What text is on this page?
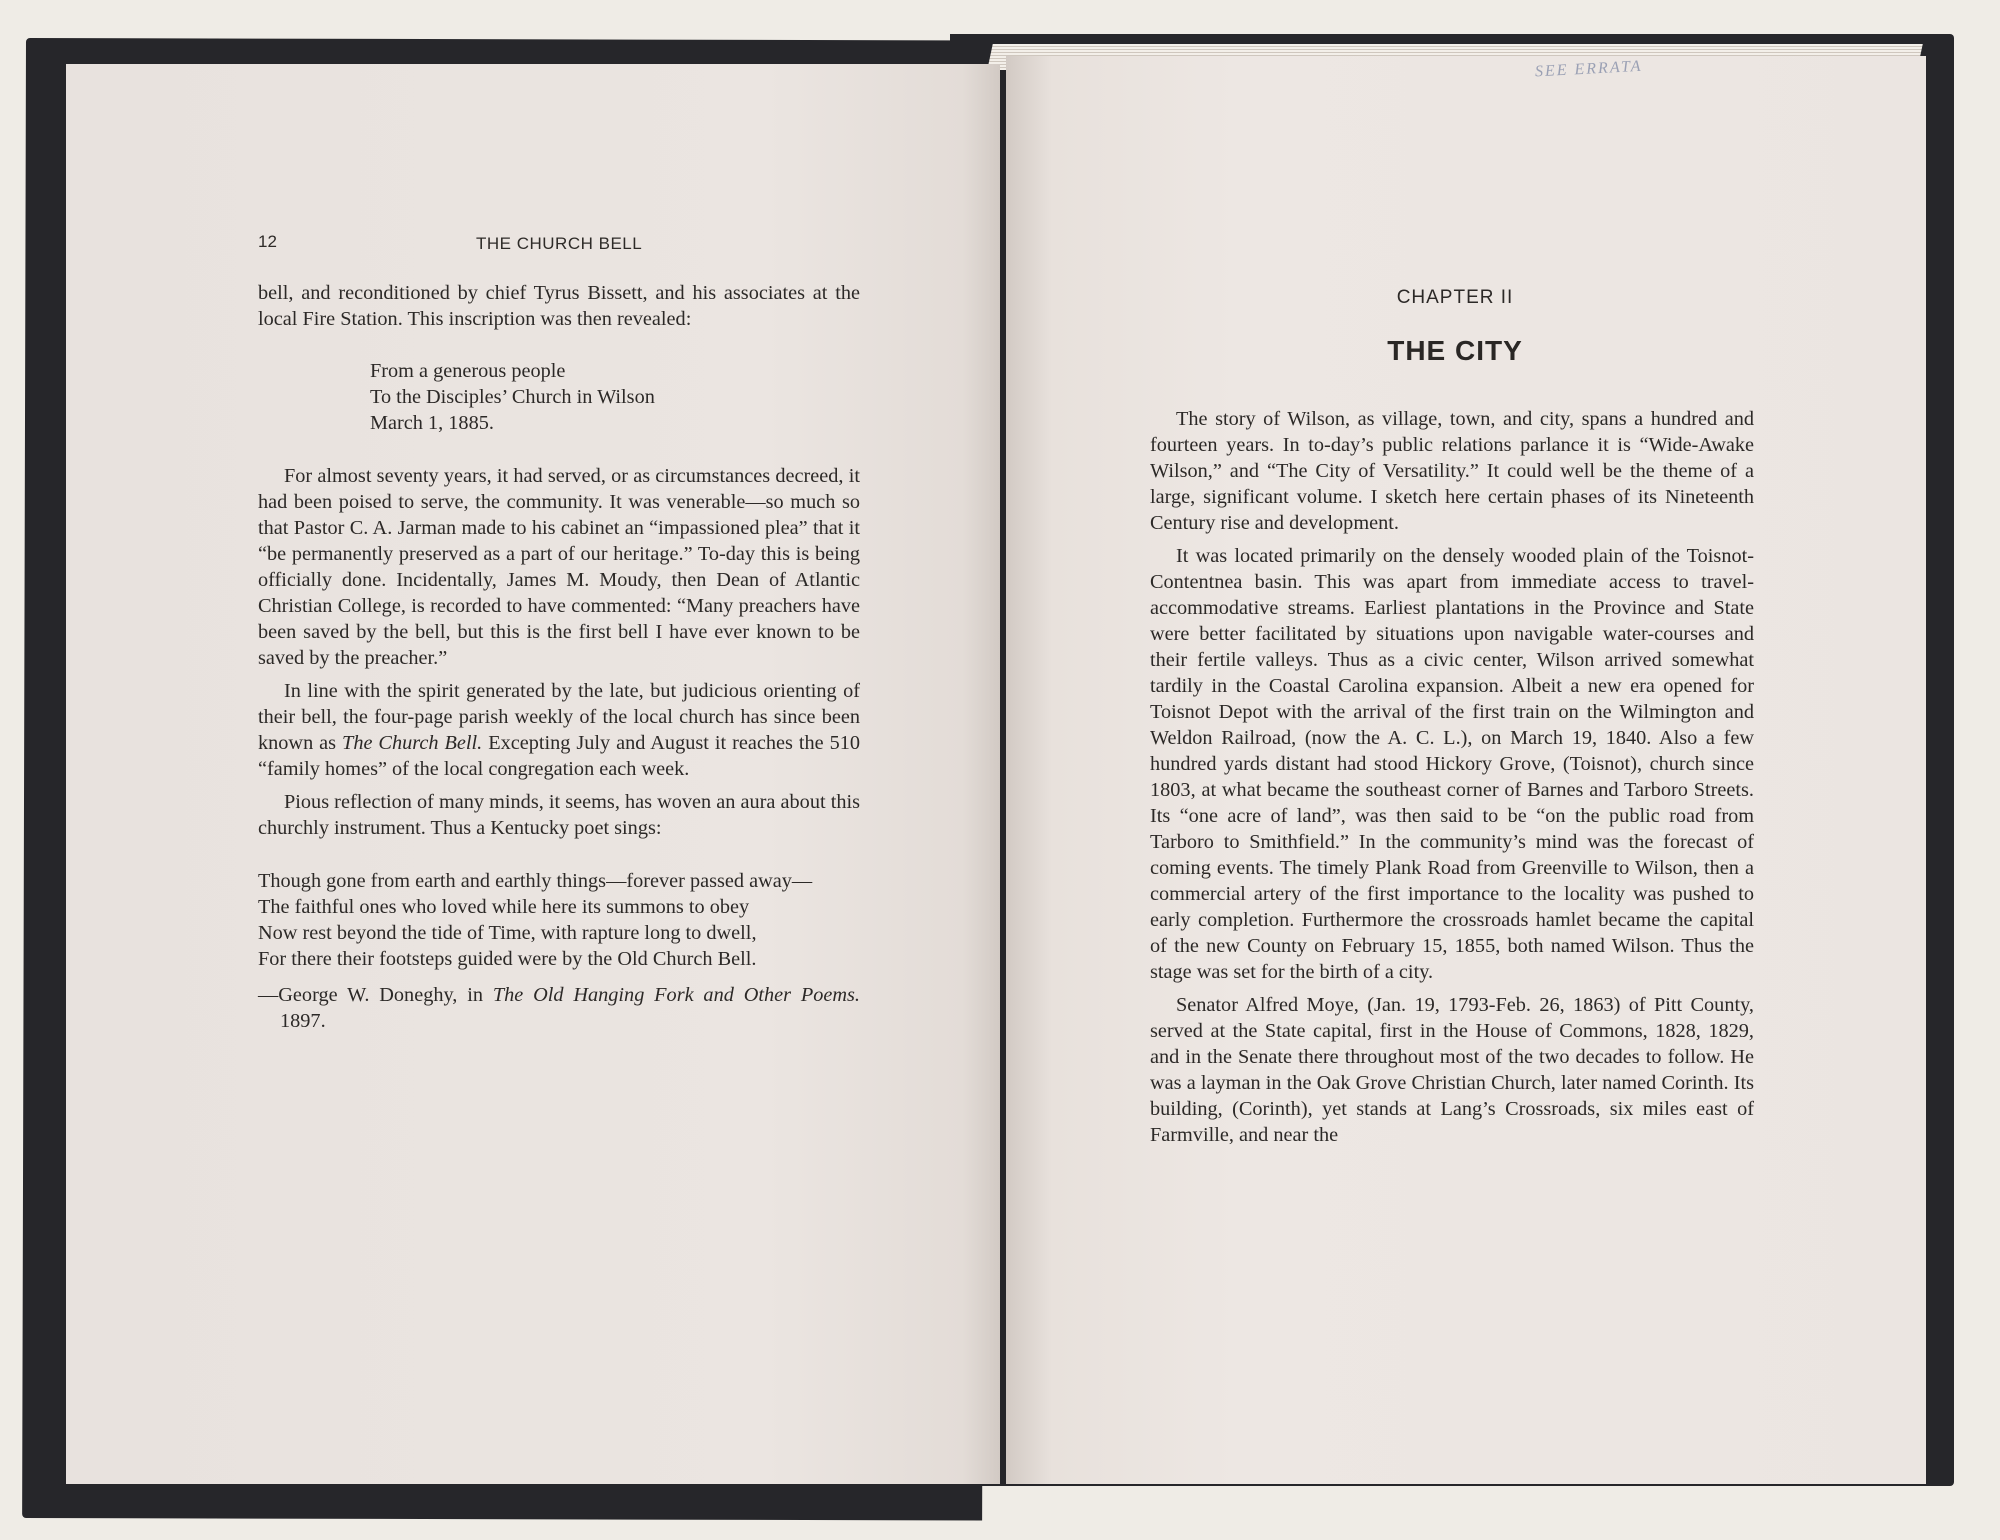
SEE ERRATA
12	THE CHURCH BELL

bell, and reconditioned by chief Tyrus Bissett, and his associates at the local Fire Station. This inscription was then revealed:

From a generous people
To the Disciples’ Church in Wilson
March 1, 1885.

For almost seventy years, it had served, or as circumstances decreed, it had been poised to serve, the community. It was venerable—so much so that Pastor C. A. Jarman made to his cabinet an “impassioned plea” that it “be permanently preserved as a part of our heritage.” To-day this is being officially done. Incidentally, James M. Moudy, then Dean of Atlantic Christian College, is recorded to have commented: “Many preachers have been saved by the bell, but this is the first bell I have ever known to be saved by the preacher.”

In line with the spirit generated by the late, but judicious orienting of their bell, the four-page parish weekly of the local church has since been known as The Church Bell. Excepting July and August it reaches the 510 “family homes” of the local congregation each week.

Pious reflection of many minds, it seems, has woven an aura about this churchly instrument. Thus a Kentucky poet sings:

Though gone from earth and earthly things—forever passed away—

The faithful ones who loved while here its summons to obey

Now rest beyond the tide of Time, with rapture long to dwell,

For there their footsteps guided were by the Old Church Bell.

—George W. Doneghy, in The Old Hanging Fork and Other Poems. 1897.

CHAPTER II
THE CITY

The story of Wilson, as village, town, and city, spans a hundred and fourteen years. In to-day’s public relations parlance it is “Wide-Awake Wilson,” and “The City of Versatility.” It could well be the theme of a large, significant volume. I sketch here certain phases of its Nineteenth Century rise and development.

It was located primarily on the densely wooded plain of the Toisnot-Contentnea basin. This was apart from immediate access to travel-accommodative streams. Earliest plantations in the Province and State were better facilitated by situations upon navigable water-courses and their fertile valleys. Thus as a civic center, Wilson arrived somewhat tardily in the Coastal Carolina expansion. Albeit a new era opened for Toisnot Depot with the arrival of the first train on the Wilmington and Weldon Railroad, (now the A. C. L.), on March 19, 1840. Also a few hundred yards distant had stood Hickory Grove, (Toisnot), church since 1803, at what became the southeast corner of Barnes and Tarboro Streets. Its “one acre of land”, was then said to be “on the public road from Tarboro to Smithfield.” In the community’s mind was the forecast of coming events. The timely Plank Road from Greenville to Wilson, then a commercial artery of the first importance to the locality was pushed to early completion. Furthermore the crossroads hamlet became the capital of the new County on February 15, 1855, both named Wilson. Thus the stage was set for the birth of a city.

Senator Alfred Moye, (Jan. 19, 1793-Feb. 26, 1863) of Pitt County, served at the State capital, first in the House of Commons, 1828, 1829, and in the Senate there throughout most of the two decades to follow. He was a layman in the Oak Grove Christian Church, later named Corinth. Its building, (Corinth), yet stands at Lang’s Crossroads, six miles east of Farmville, and near the
